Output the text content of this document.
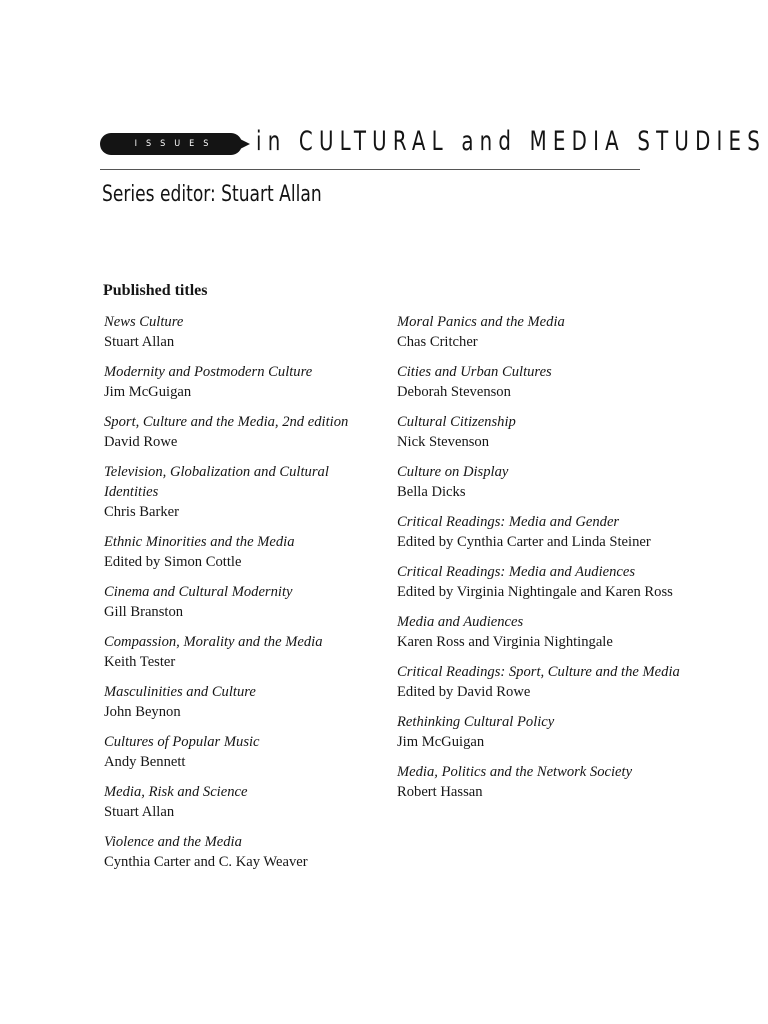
ISSUES	in CULTURAL and MEDIA STUDIES
Series editor: Stuart Allan
Published titles
News Culture
Stuart Allan
Modernity and Postmodern Culture
Jim McGuigan
Sport, Culture and the Media, 2nd edition
David Rowe
Television, Globalization and Cultural Identities
Chris Barker
Ethnic Minorities and the Media
Edited by Simon Cottle
Cinema and Cultural Modernity
Gill Branston
Compassion, Morality and the Media
Keith Tester
Masculinities and Culture
John Beynon
Cultures of Popular Music
Andy Bennett
Media, Risk and Science
Stuart Allan
Violence and the Media
Cynthia Carter and C. Kay Weaver
Moral Panics and the Media
Chas Critcher
Cities and Urban Cultures
Deborah Stevenson
Cultural Citizenship
Nick Stevenson
Culture on Display
Bella Dicks
Critical Readings: Media and Gender
Edited by Cynthia Carter and Linda Steiner
Critical Readings: Media and Audiences
Edited by Virginia Nightingale and Karen Ross
Media and Audiences
Karen Ross and Virginia Nightingale
Critical Readings: Sport, Culture and the Media
Edited by David Rowe
Rethinking Cultural Policy
Jim McGuigan
Media, Politics and the Network Society
Robert Hassan
